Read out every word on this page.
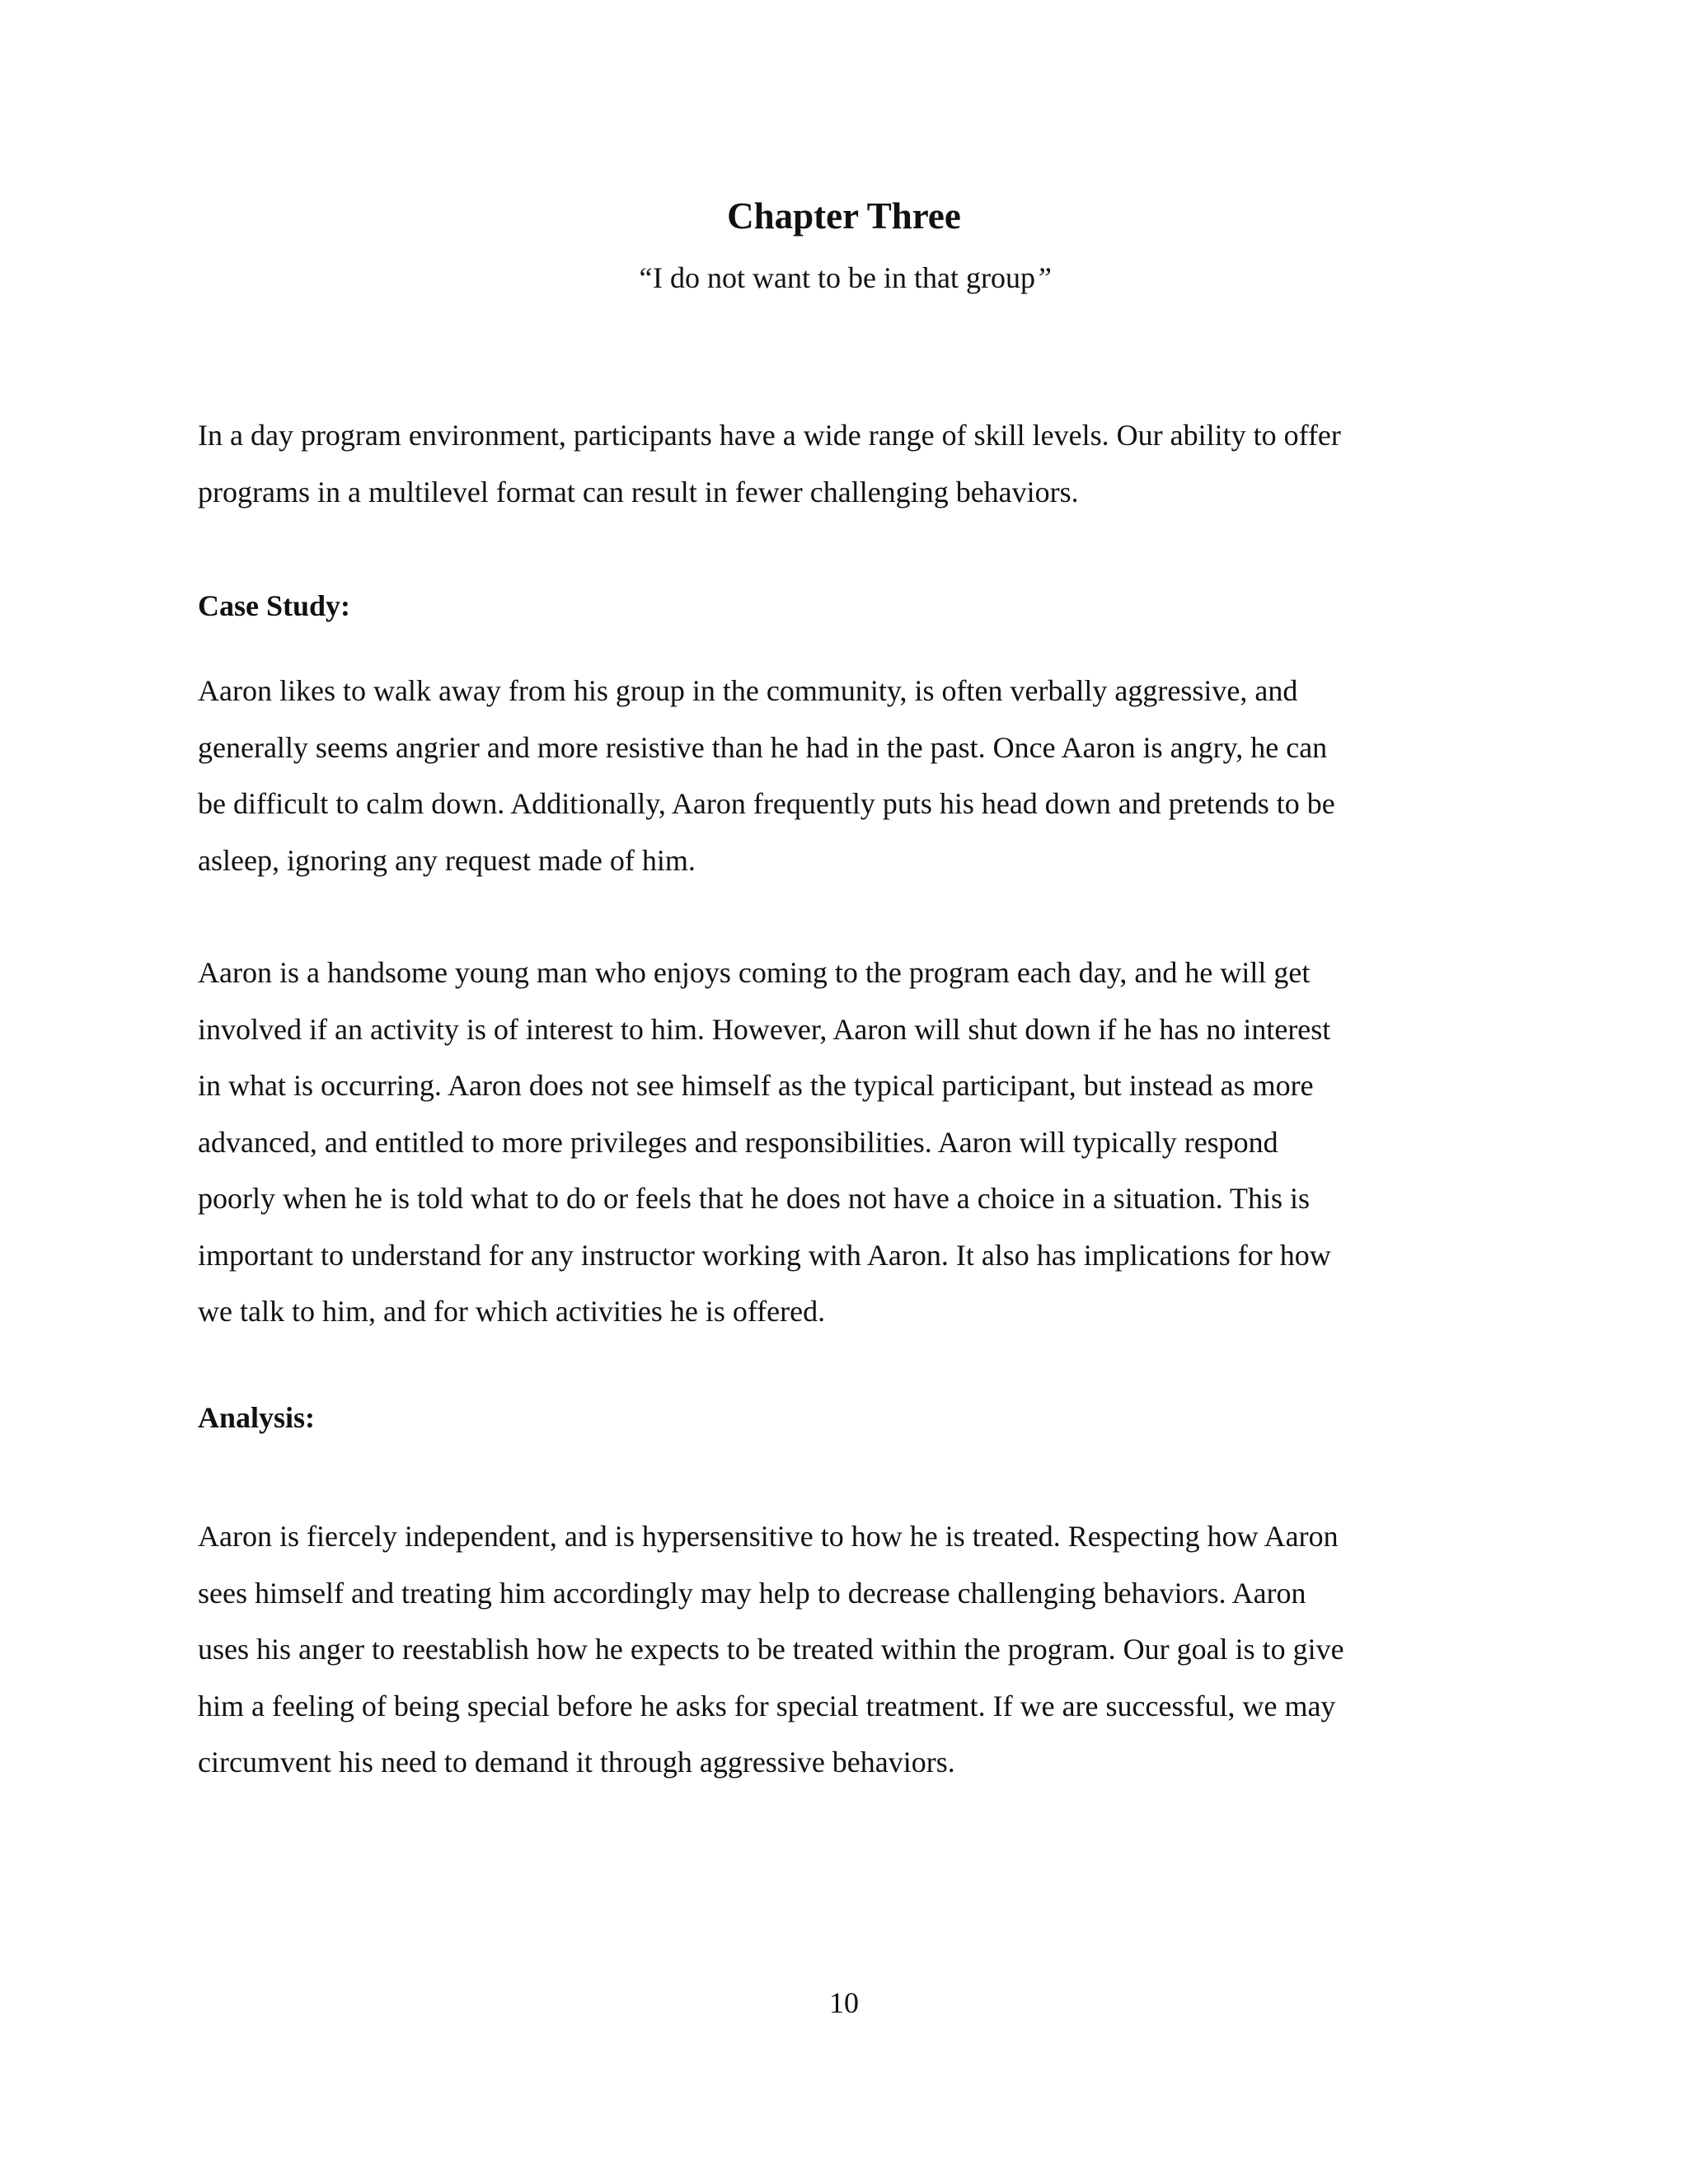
Chapter Three
“I do not want to be in that group”

In a day program environment, participants have a wide range of skill levels. Our ability to offer
programs in a multilevel format can result in fewer challenging behaviors.

Case Study:

Aaron likes to walk away from his group in the community, is often verbally aggressive, and
generally seems angrier and more resistive than he had in the past. Once Aaron is angry, he can
be difficult to calm down. Additionally, Aaron frequently puts his head down and pretends to be
asleep, ignoring any request made of him.

Aaron is a handsome young man who enjoys coming to the program each day, and he will get
involved if an activity is of interest to him. However, Aaron will shut down if he has no interest
in what is occurring. Aaron does not see himself as the typical participant, but instead as more
advanced, and entitled to more privileges and responsibilities. Aaron will typically respond
poorly when he is told what to do or feels that he does not have a choice in a situation. This is
important to understand for any instructor working with Aaron. It also has implications for how
we talk to him, and for which activities he is offered.

Analysis:

Aaron is fiercely independent, and is hypersensitive to how he is treated. Respecting how Aaron
sees himself and treating him accordingly may help to decrease challenging behaviors. Aaron
uses his anger to reestablish how he expects to be treated within the program. Our goal is to give
him a feeling of being special before he asks for special treatment. If we are successful, we may
circumvent his need to demand it through aggressive behaviors.

10
